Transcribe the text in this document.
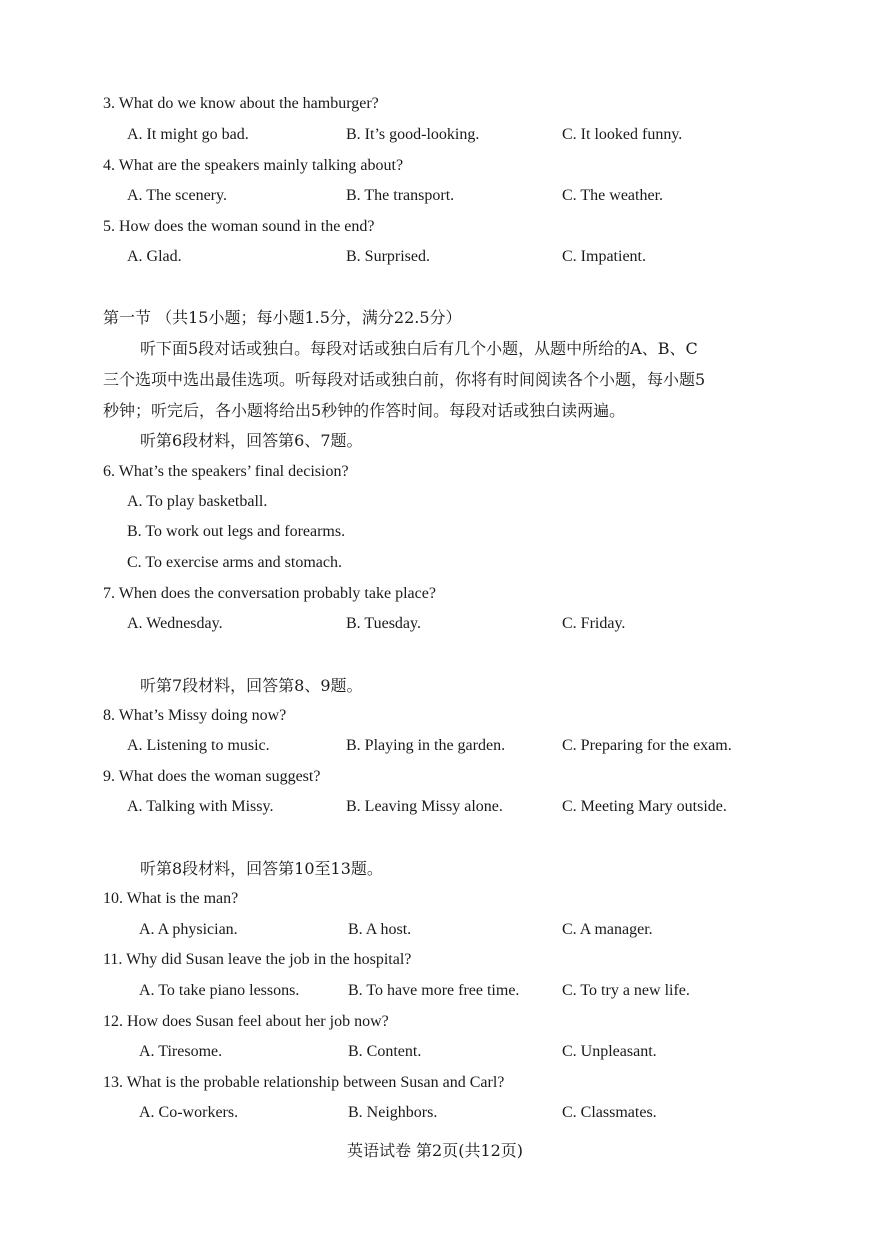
3. What do we know about the hamburger?
A. It might go bad.	B. It’s good-looking.	C. It looked funny.
4. What are the speakers mainly talking about?
A. The scenery.	B. The transport.	C. The weather.
5. How does the woman sound in the end?
A. Glad.	B. Surprised.	C. Impatient.
第一节 （共15小题；每小题1.5分，满分22.5分）
听下面5段对话或独白。每段对话或独白后有几个小题，从题中所给的A、B、C
三个选项中选出最佳选项。听每段对话或独白前，你将有时间阅读各个小题，每小题5
秒钟；听完后，各小题将给出5秒钟的作答时间。每段对话或独白读两遍。
听第6段材料，回答第6、7题。
6. What’s the speakers’ final decision?
A. To play basketball.
B. To work out legs and forearms.
C. To exercise arms and stomach.
7. When does the conversation probably take place?
A. Wednesday.	B. Tuesday.	C. Friday.
听第7段材料，回答第8、9题。
8. What’s Missy doing now?
A. Listening to music.	B. Playing in the garden.	C. Preparing for the exam.
9. What does the woman suggest?
A. Talking with Missy.	B. Leaving Missy alone.	C. Meeting Mary outside.
听第8段材料，回答第10至13题。
10. What is the man?
A. A physician.	B. A host.	C. A manager.
11. Why did Susan leave the job in the hospital?
A. To take piano lessons.	B. To have more free time.	C. To try a new life.
12. How does Susan feel about her job now?
A. Tiresome.	B. Content.	C. Unpleasant.
13. What is the probable relationship between Susan and Carl?
A. Co-workers.	B. Neighbors.	C. Classmates.
英语试卷 第2页(共12页)
